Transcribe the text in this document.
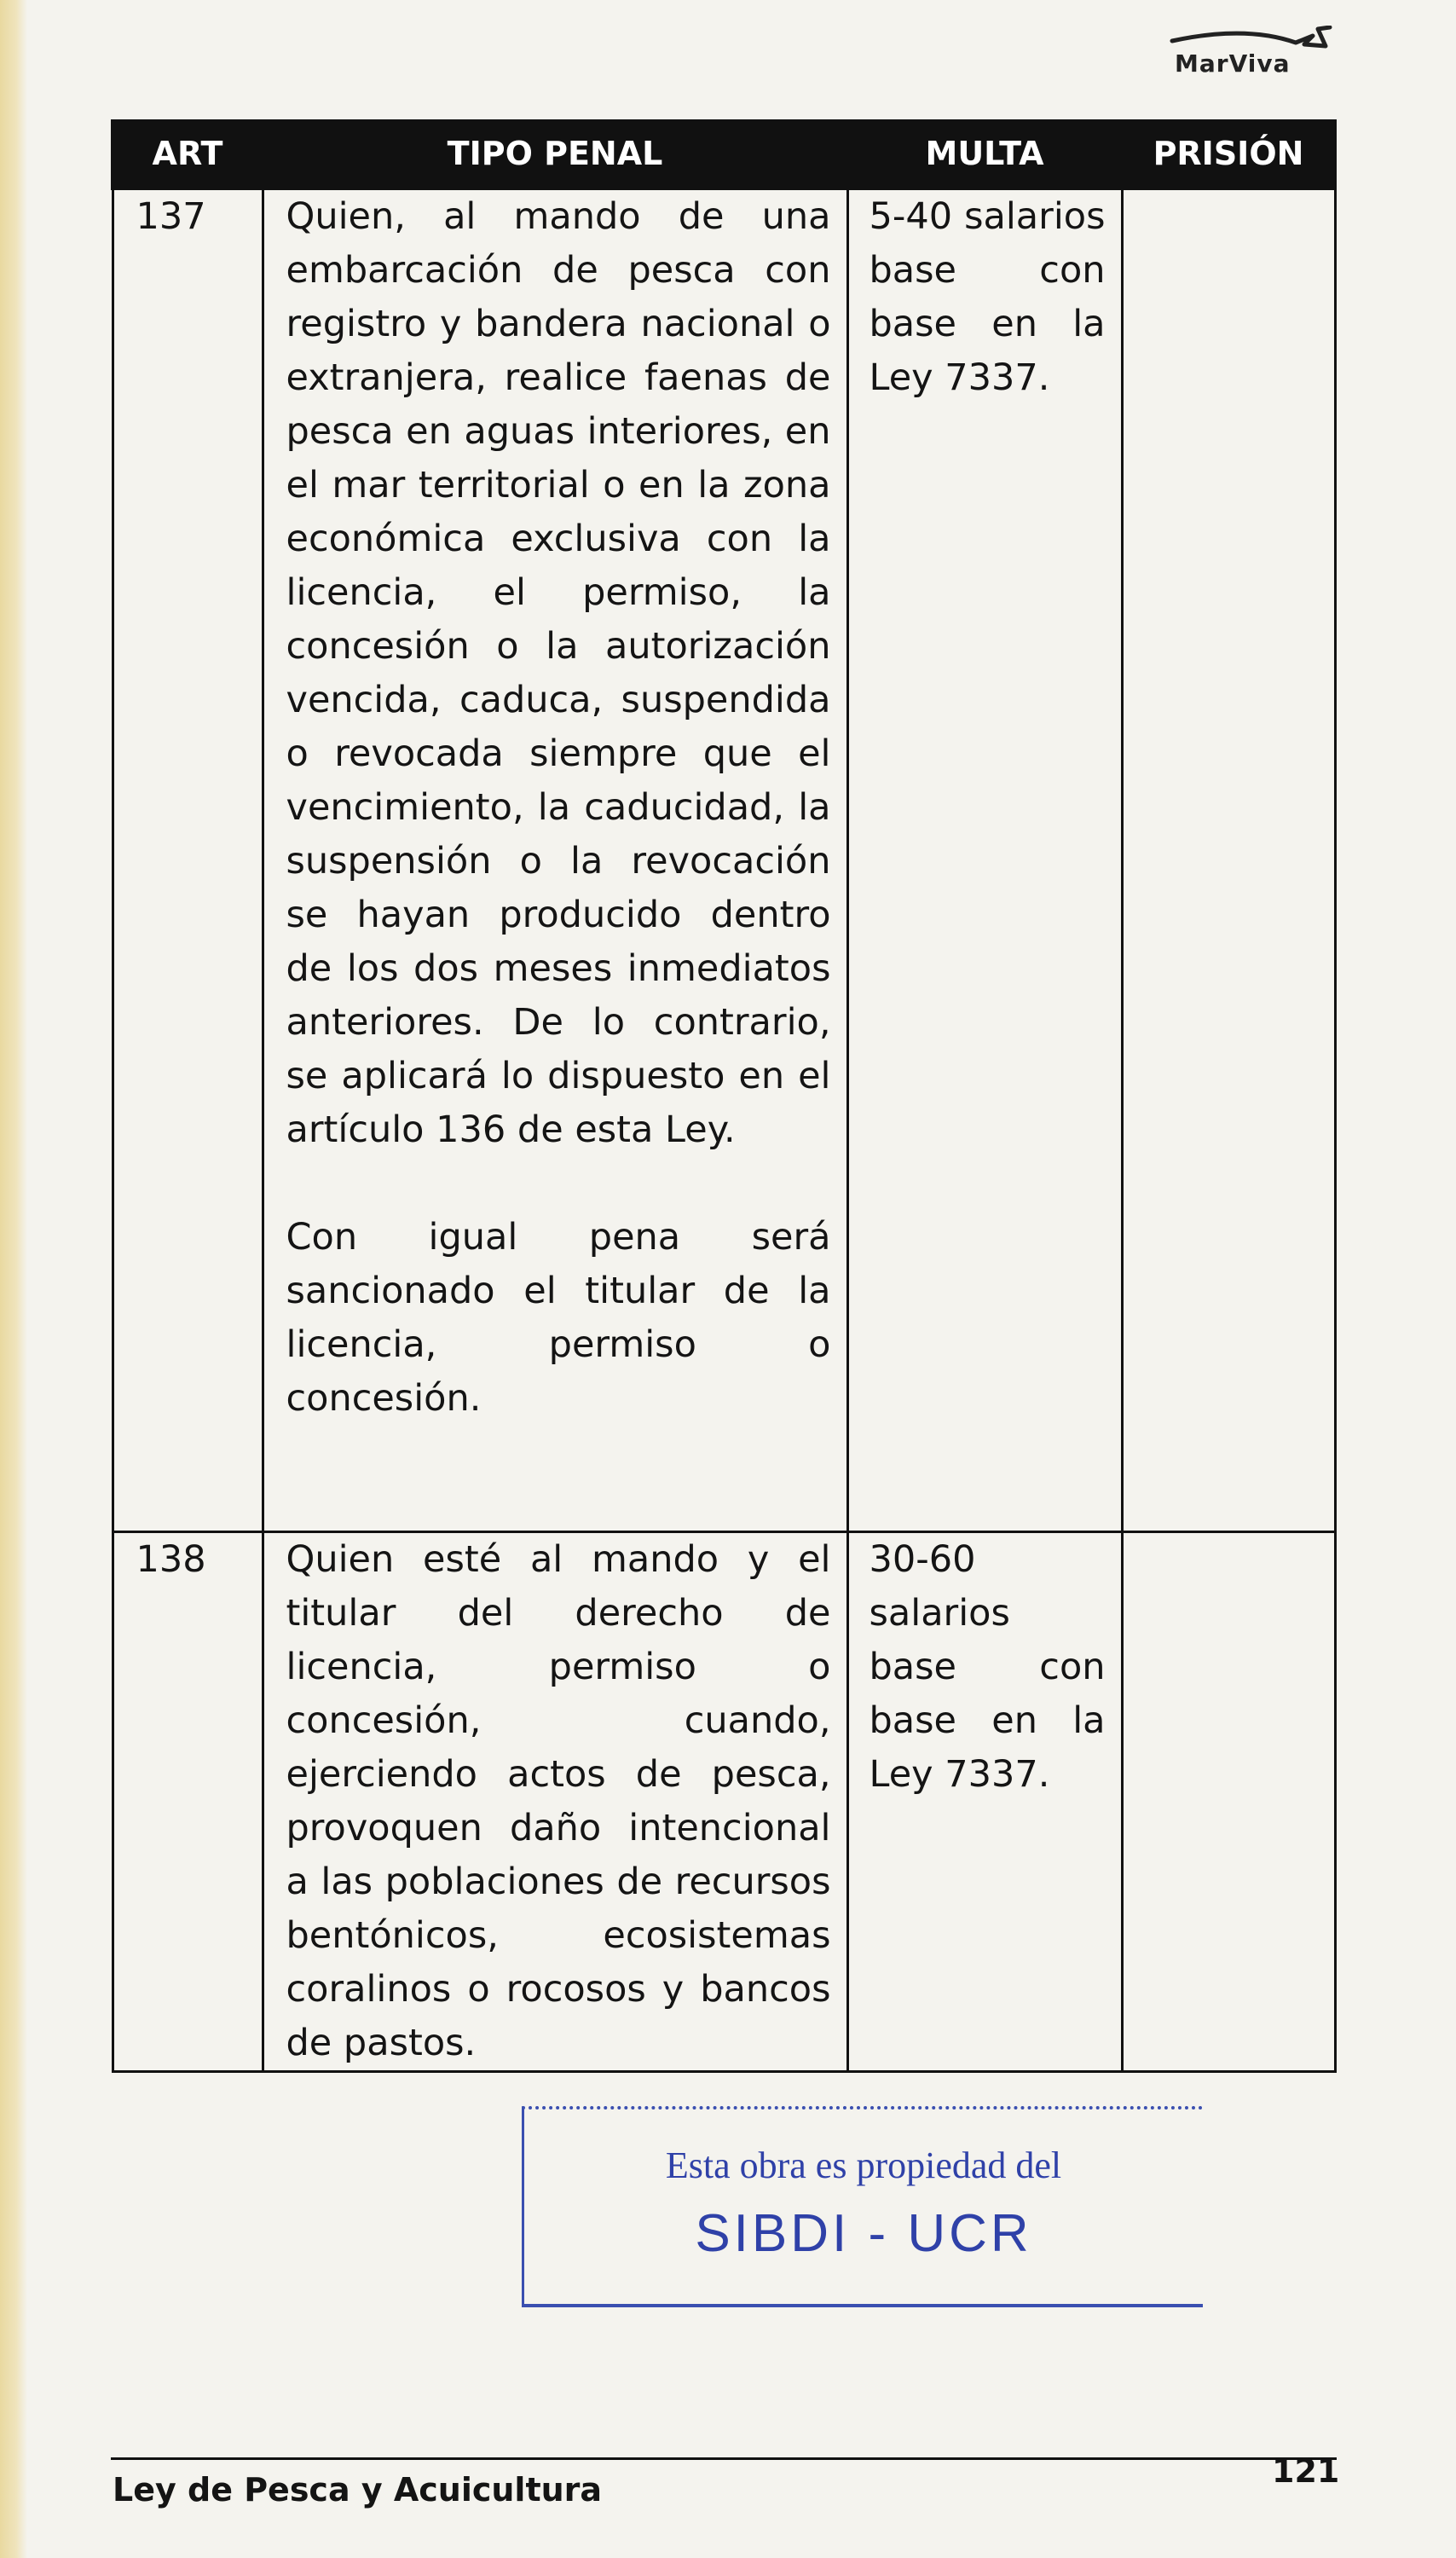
MarViva
ART	TIPO PENAL	MULTA	PRISIÓN
137	Quien, al mando de una embarcación de pesca con registro y bandera nacional o extranjera, realice faenas de pesca en aguas interiores, en el mar territorial o en la zona económica exclusiva con la licencia, el permiso, la concesión o la autorización vencida, caduca, suspendida o revocada siempre que el vencimiento, la caducidad, la suspensión o la revocación se hayan producido dentro de los dos meses inmediatos anteriores. De lo contrario, se aplicará lo dispuesto en el artículo 136 de esta Ley.
Con igual pena será sancionado el titular de la licencia, permiso o concesión.	5-40 salarios base con base en la Ley 7337.	
138	Quien esté al mando y el titular del derecho de licencia, permiso o concesión, cuando, ejerciendo actos de pesca, provoquen daño intencional a las poblaciones de recursos bentónicos, ecosistemas coralinos o rocosos y bancos de pastos.	30-60 salarios base con base en la Ley 7337.	
Esta obra es propiedad del
SIBDI - UCR
Ley de Pesca y Acuicultura	121
